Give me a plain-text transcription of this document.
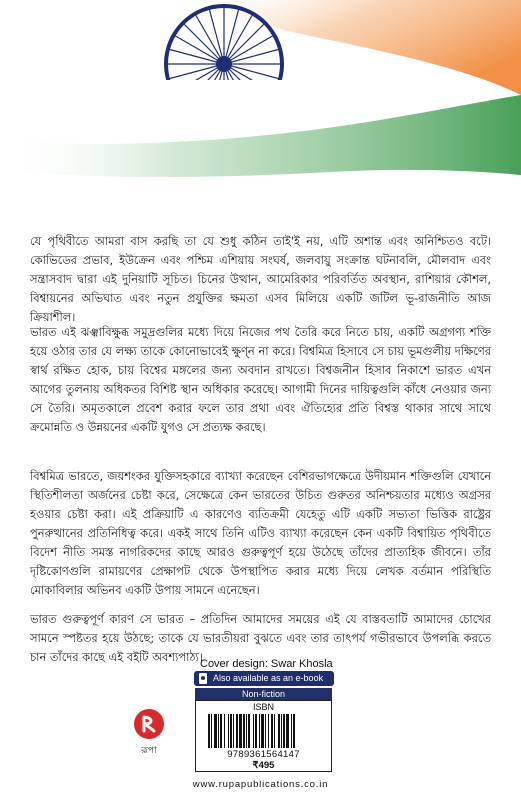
যে পৃথিবীতে আমরা বাস করছি তা যে শুধু কঠিন তাই'ই নয়, এটি অশান্ত এবং অনিশ্চিতও বটে। কোভিডের প্রভাব, ইউক্রেন এবং পশ্চিম এশিয়ায় সংঘর্ষ, জলবায়ু সংক্রান্ত ঘটনাবলি, মৌলবাদ এবং সন্ত্রাসবাদ দ্বারা এই দুনিয়াটি সূচিত। চিনের উত্থান, আমেরিকার পরিবর্তিত অবস্থান, রাশিয়ার কৌশল, বিশ্বায়নের অভিঘাত এবং নতুন প্রযুক্তির ক্ষমতা এসব মিলিয়ে একটি জটিল ভূ-রাজনীতি আজ ক্রিয়াশীল।

ভারত এই ঝঞ্ঝাবিক্ষুব্ধ সমুদ্রগুলির মধ্যে দিয়ে নিজের পথ তৈরি করে নিতে চায়, একটি অগ্রগণ্য শক্তি হয়ে ওঠার তার যে লক্ষ্য তাকে কোনোভাবেই ক্ষুণ্ন না করে। বিশ্বমিত্র হিসাবে সে চায় ভূমগুলীয় দক্ষিণের স্বার্থ রক্ষিত হোক, চায় বিশ্বের মঙ্গলের জন্য অবদান রাখতে। বিশ্বজনীন হিসাব নিকাশে ভারত এখন আগের তুলনায় অধিকতর বিশিষ্ট স্থান অধিকার করেছে। আগামী দিনের দায়িত্বগুলি কাঁধে নেওয়ার জন্য সে তৈরি। অমৃতকালে প্রবেশ করার ফলে তার প্রথা এবং ঐতিহ্যের প্রতি বিশ্বস্ত থাকার সাথে সাথে ক্রমোন্নতি ও উন্নয়নের একটি যুগও সে প্রত্যক্ষ করছে।

বিশ্বমিত্র ভারতে, জয়শংকর যুক্তিসহকারে ব্যাখ্যা করেছেন বেশিরভাগক্ষেত্রে উদীয়মান শক্তিগুলি যেখানে স্থিতিশীলতা অর্জনের চেষ্টা করে, সেক্ষেত্রে কেন ভারতের উচিত গুরুতর অনিশ্চয়তার মধ্যেও অগ্রসর হওয়ার চেষ্টা করা। এই প্রক্রিয়াটি এ কারণেও ব্যতিক্রমী যেহেতু এটি একটি সভ্যতা ভিত্তিক রাষ্ট্রের পুনরুত্থানের প্রতিনিধিত্ব করে। একই সাথে তিনি এটিও ব্যাখ্যা করেছেন কেন একটি বিশ্বায়িত পৃথিবীতে বিদেশ নীতি সমস্ত নাগরিকদের কাছে আরও গুরুত্বপূর্ণ হয়ে উঠেছে তাঁদের প্রাত্যহিক জীবনে। তাঁর দৃষ্টিকোণগুলি রামায়ণের প্রেক্ষাপট থেকে উপস্থাপিত করার মধ্যে দিয়ে লেখক বর্তমান পরিস্থিতি মোকাবিলার অভিনব একটি উপায় সামনে এনেছেন।

ভারত গুরুত্বপূর্ণ কারণ সে ভারত – প্রতিদিন আমাদের সময়ের এই যে বাস্তবতাটি আমাদের চোখের সামনে স্পষ্টতর হয়ে উঠছে; তাকে যে ভারতীয়রা বুঝতে এবং তার তাৎপর্য গভীরভাবে উপলব্ধি করতে চান তাঁদের কাছে এই বইটি অবশ্যপাঠ্য।

Cover design: Swar Khosla
Also available as an e-book
Non-fiction
ISBN
9789361564147
₹495
রূপা
www.rupapublications.co.in
